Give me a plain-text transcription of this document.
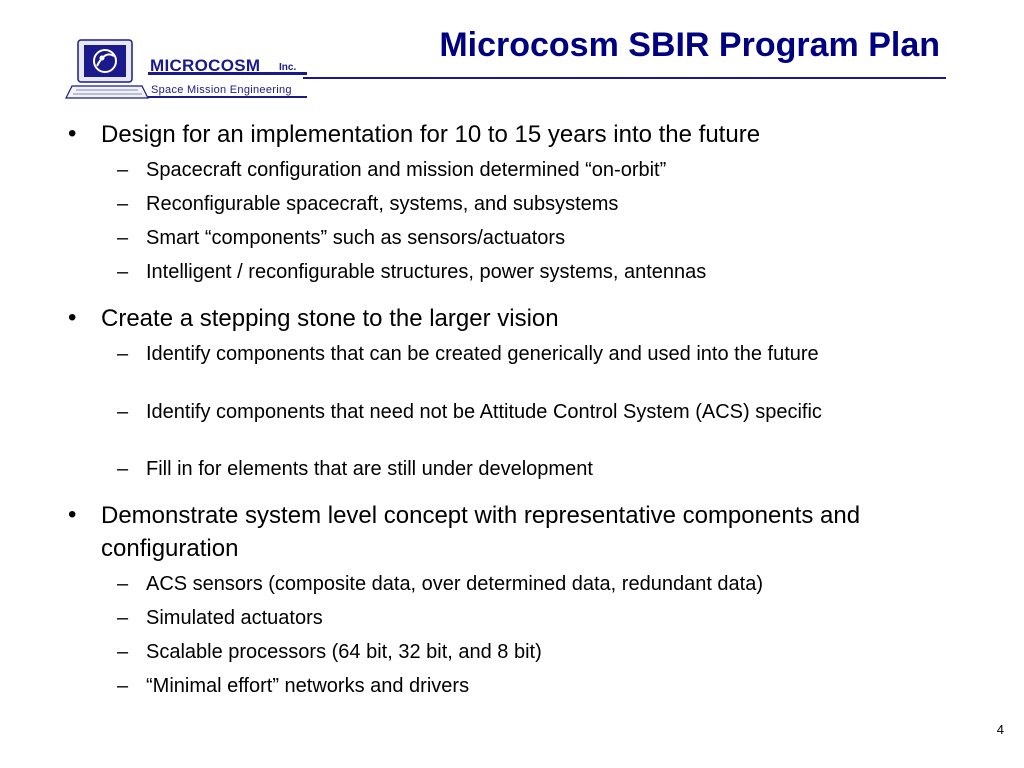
MICROCOSM Inc.
Space Mission Engineering
Microcosm SBIR Program Plan
• Design for an implementation for 10 to 15 years into the future
– Spacecraft configuration and mission determined “on-orbit”
– Reconfigurable spacecraft, systems, and subsystems
– Smart “components” such as sensors/actuators
– Intelligent / reconfigurable structures, power systems, antennas
• Create a stepping stone to the larger vision
– Identify components that can be created generically and used into the future
– Identify components that need not be Attitude Control System (ACS) specific
– Fill in for elements that are still under development
• Demonstrate system level concept with representative components and configuration
– ACS sensors (composite data, over determined data, redundant data)
– Simulated actuators
– Scalable processors (64 bit, 32 bit, and 8 bit)
– “Minimal effort” networks and drivers
4
